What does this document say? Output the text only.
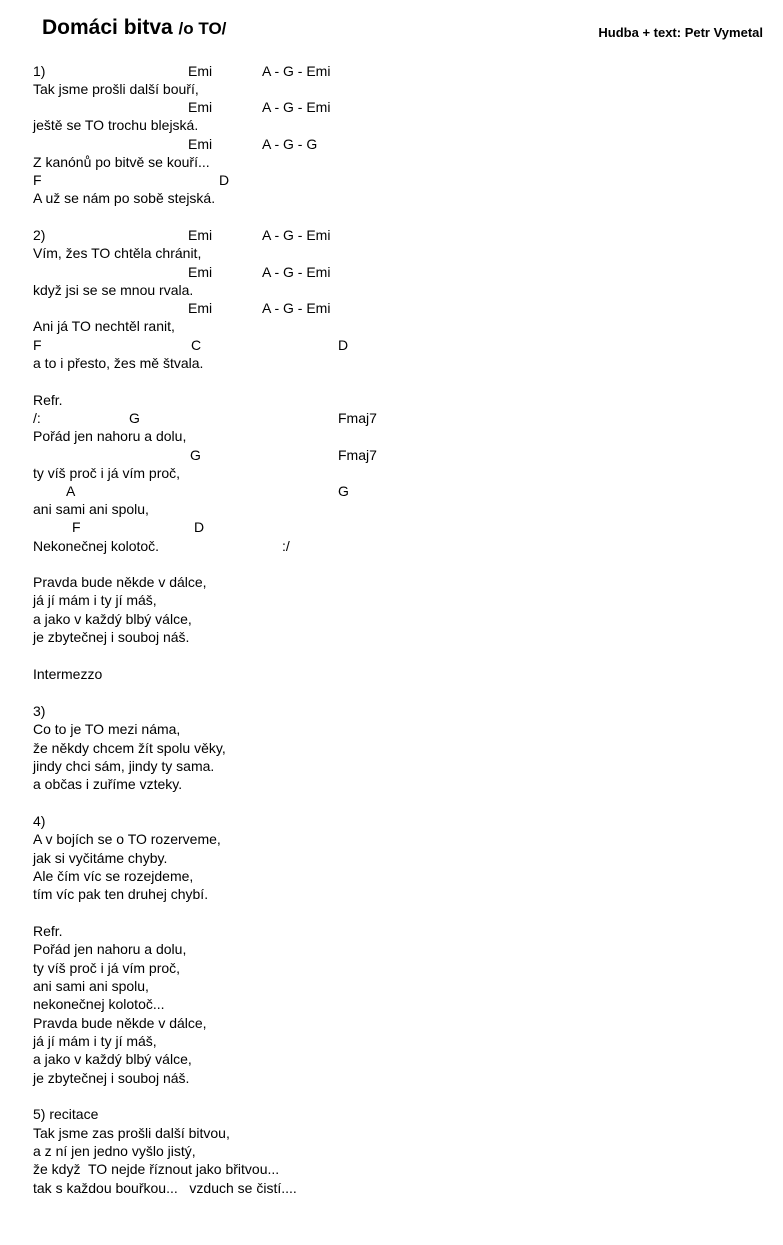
Domáci bitva /o TO/	Hudba + text: Petr Vymetal
1)	Emi	A - G - Emi
Tak jsme prošli další bouří,
Emi	A - G - Emi
ještě se TO trochu blejská.
Emi	A - G - G
Z kanónů po bitvě se kouří...
F	D
A už se nám po sobě stejská.
2)	Emi	A - G - Emi
Vím, žes TO chtěla chránit,
Emi	A - G - Emi
když jsi se se mnou rvala.
Emi	A - G - Emi
Ani já TO nechtěl ranit,
F	C	D
a to i přesto, žes mě štvala.
Refr.
/:	G	Fmaj7
Pořád jen nahoru a dolu,
G	Fmaj7
ty víš proč i já vím proč,
A	G
ani sami ani spolu,
F	D
Nekonečnej kolotoč.	:/
Pravda bude někde v dálce,
já jí mám i ty jí máš,
a jako v každý blbý válce,
je zbytečnej i souboj náš.
Intermezzo
3)
Co to je TO mezi náma,
že někdy chcem žít spolu věky,
jindy chci sám, jindy ty sama.
a občas i zuříme vzteky.
4)
A v bojích se o TO rozerveme,
jak si vyčitáme chyby.
Ale čím víc se rozejdeme,
tím víc pak ten druhej chybí.
Refr.
Pořád jen nahoru a dolu,
ty víš proč i já vím proč,
ani sami ani spolu,
nekonečnej kolotoč...
Pravda bude někde v dálce,
já jí mám i ty jí máš,
a jako v každý blbý válce,
je zbytečnej i souboj náš.
5) recitace
Tak jsme zas prošli další bitvou,
a z ní jen jedno vyšlo jistý,
že když  TO nejde říznout jako břitvou...
tak s každou bouřkou...   vzduch se čistí....
